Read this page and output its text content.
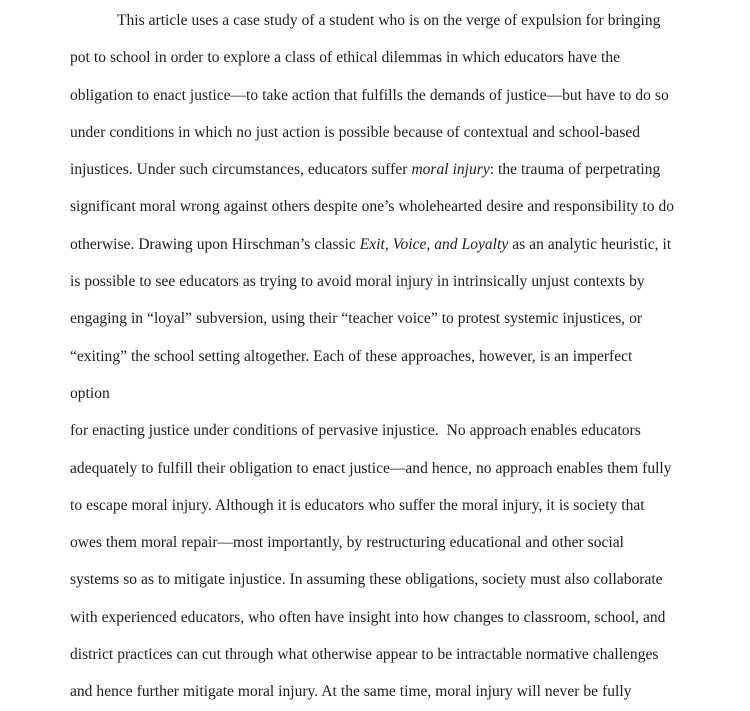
This article uses a case study of a student who is on the verge of expulsion for bringing
pot to school in order to explore a class of ethical dilemmas in which educators have the
obligation to enact justice—to take action that fulfills the demands of justice—but have to do so
under conditions in which no just action is possible because of contextual and school-based
injustices. Under such circumstances, educators suffer moral injury: the trauma of perpetrating
significant moral wrong against others despite one’s wholehearted desire and responsibility to do
otherwise. Drawing upon Hirschman’s classic Exit, Voice, and Loyalty as an analytic heuristic, it
is possible to see educators as trying to avoid moral injury in intrinsically unjust contexts by
engaging in “loyal” subversion, using their “teacher voice” to protest systemic injustices, or
“exiting” the school setting altogether. Each of these approaches, however, is an imperfect option
for enacting justice under conditions of pervasive injustice.  No approach enables educators
adequately to fulfill their obligation to enact justice—and hence, no approach enables them fully
to escape moral injury. Although it is educators who suffer the moral injury, it is society that
owes them moral repair—most importantly, by restructuring educational and other social
systems so as to mitigate injustice. In assuming these obligations, society must also collaborate
with experienced educators, who often have insight into how changes to classroom, school, and
district practices can cut through what otherwise appear to be intractable normative challenges
and hence further mitigate moral injury. At the same time, moral injury will never be fully
